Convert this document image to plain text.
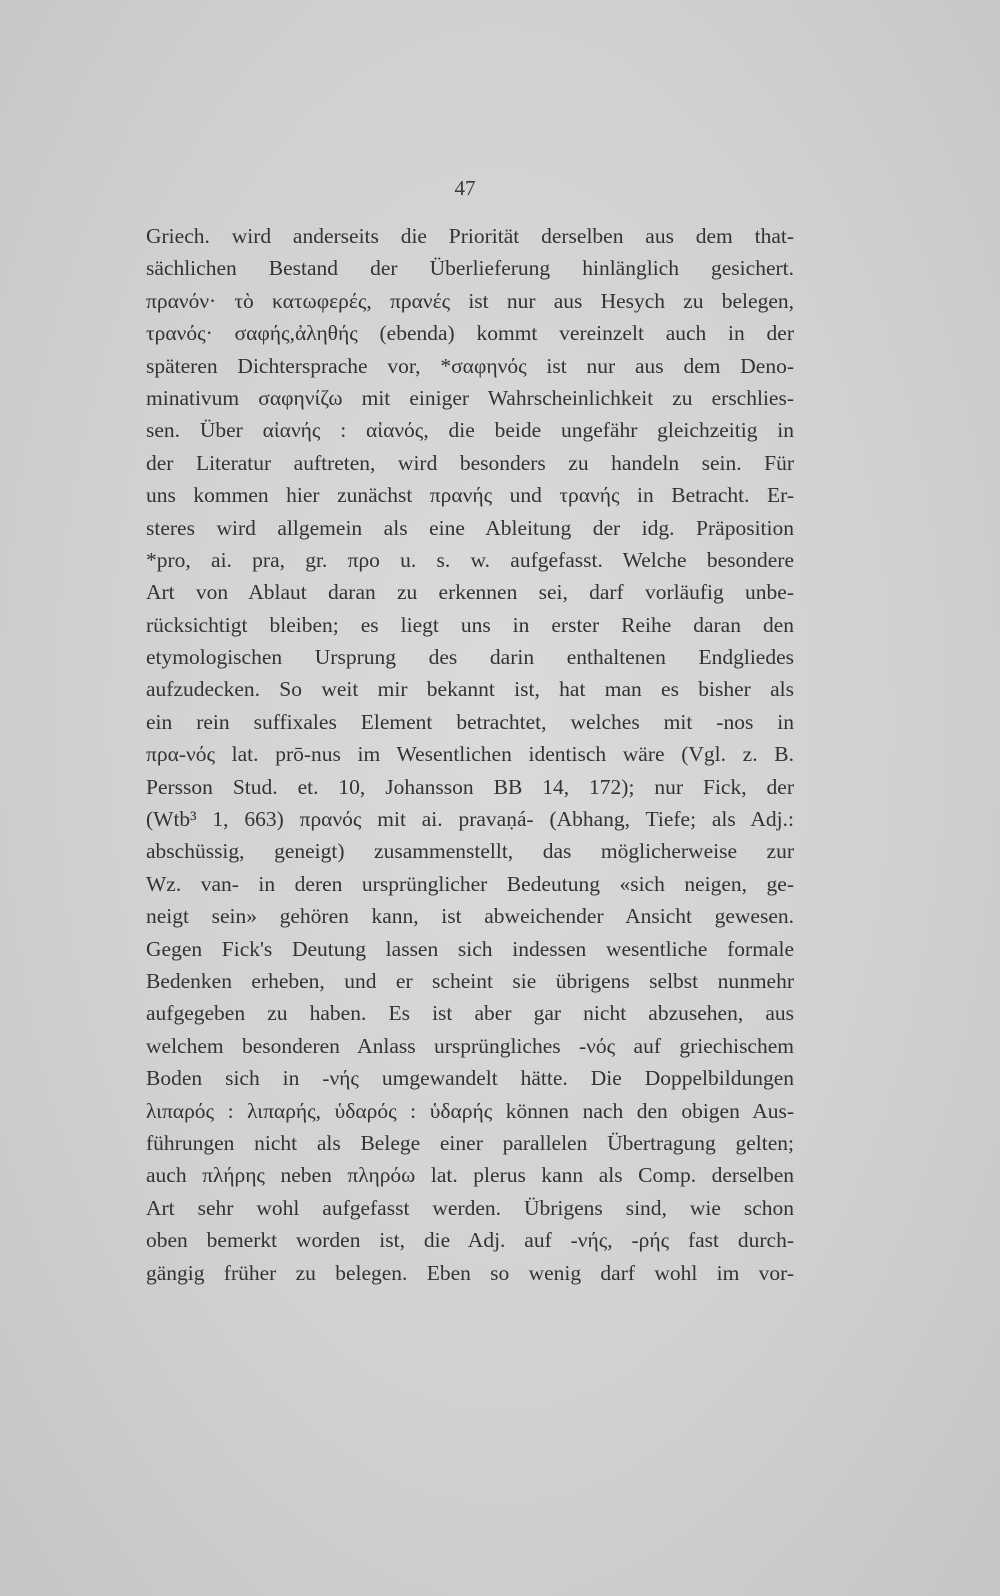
47
Griech. wird anderseits die Priorität derselben aus dem that-
sächlichen Bestand der Überlieferung hinlänglich gesichert.
πρανόν· τὸ κατωφερές, πρανές ist nur aus Hesych zu belegen,
τρανός· σαφής,ἀληθής (ebenda) kommt vereinzelt auch in der
späteren Dichtersprache vor, *σαφηνός ist nur aus dem Deno-
minativum σαφηνίζω mit einiger Wahrscheinlichkeit zu erschlies-
sen. Über αἰανής : αἰανός, die beide ungefähr gleichzeitig in
der Literatur auftreten, wird besonders zu handeln sein. Für
uns kommen hier zunächst πρανής und τρανής in Betracht. Er-
steres wird allgemein als eine Ableitung der idg. Präposition
*pro, ai. pra, gr. προ u. s. w. aufgefasst. Welche besondere
Art von Ablaut daran zu erkennen sei, darf vorläufig unbe-
rücksichtigt bleiben; es liegt uns in erster Reihe daran den
etymologischen Ursprung des darin enthaltenen Endgliedes
aufzudecken. So weit mir bekannt ist, hat man es bisher als
ein rein suffixales Element betrachtet, welches mit -nos in
πρα-νός lat. prō-nus im Wesentlichen identisch wäre (Vgl. z. B.
Persson Stud. et. 10, Johansson BB 14, 172); nur Fick, der
(Wtb³ 1, 663) πρανός mit ai. pravaṇá- (Abhang, Tiefe; als Adj.:
abschüssig, geneigt) zusammenstellt, das möglicherweise zur
Wz. van- in deren ursprünglicher Bedeutung «sich neigen, ge-
neigt sein» gehören kann, ist abweichender Ansicht gewesen.
Gegen Fick's Deutung lassen sich indessen wesentliche formale
Bedenken erheben, und er scheint sie übrigens selbst nunmehr
aufgegeben zu haben. Es ist aber gar nicht abzusehen, aus
welchem besonderen Anlass ursprüngliches -νός auf griechischem
Boden sich in -νής umgewandelt hätte. Die Doppelbildungen
λιπαρός : λιπαρής, ὑδαρός : ὑδαρής können nach den obigen Aus-
führungen nicht als Belege einer parallelen Übertragung gelten;
auch πλήρης neben πληρόω lat. plerus kann als Comp. derselben
Art sehr wohl aufgefasst werden. Übrigens sind, wie schon
oben bemerkt worden ist, die Adj. auf -νής, -ρής fast durch-
gängig früher zu belegen. Eben so wenig darf wohl im vor-
